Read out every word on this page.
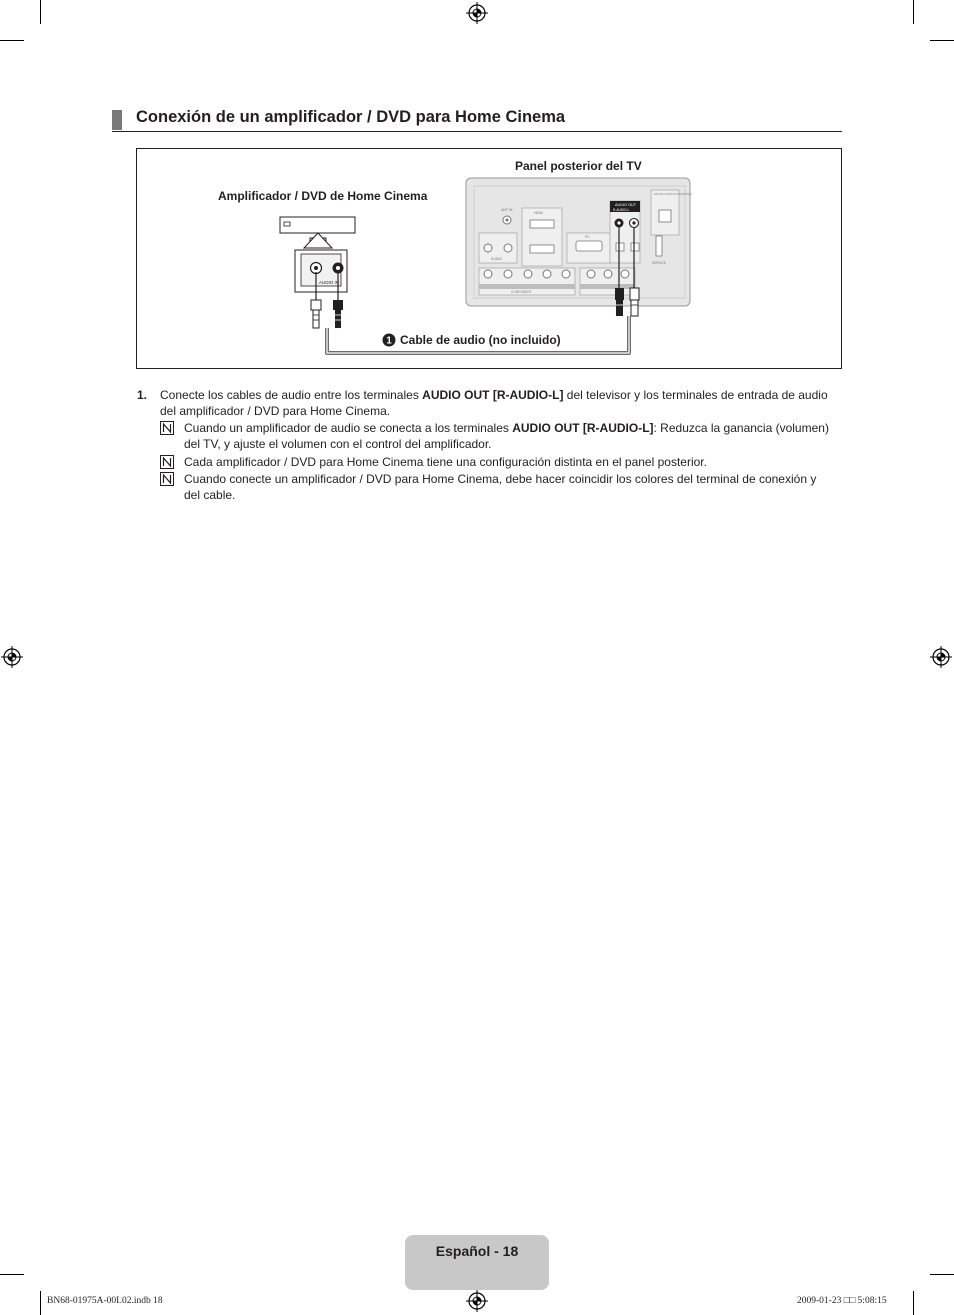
Conexión de un amplificador / DVD para Home Cinema
Panel posterior del TV
Amplificador / DVD de Home Cinema
AUDIO IN
ANT IN
HDMI
AUDIO
PC
AUDIO OUT
R-AUDIO-L
DIGITAL AUDIO OUT (OPTICAL)
SERVICE
COMPONENT
1 Cable de audio (no incluido)
1. Conecte los cables de audio entre los terminales AUDIO OUT [R-AUDIO-L] del televisor y los terminales de entrada de audio
del amplificador / DVD para Home Cinema.
Cuando un amplificador de audio se conecta a los terminales AUDIO OUT [R-AUDIO-L]: Reduzca la ganancia (volumen)
del TV, y ajuste el volumen con el control del amplificador.
Cada amplificador / DVD para Home Cinema tiene una configuración distinta en el panel posterior.
Cuando conecte un amplificador / DVD para Home Cinema, debe hacer coincidir los colores del terminal de conexión y
del cable.
Español - 18
BN68-01975A-00L02.indb 18	2009-01-23 □□ 5:08:15
